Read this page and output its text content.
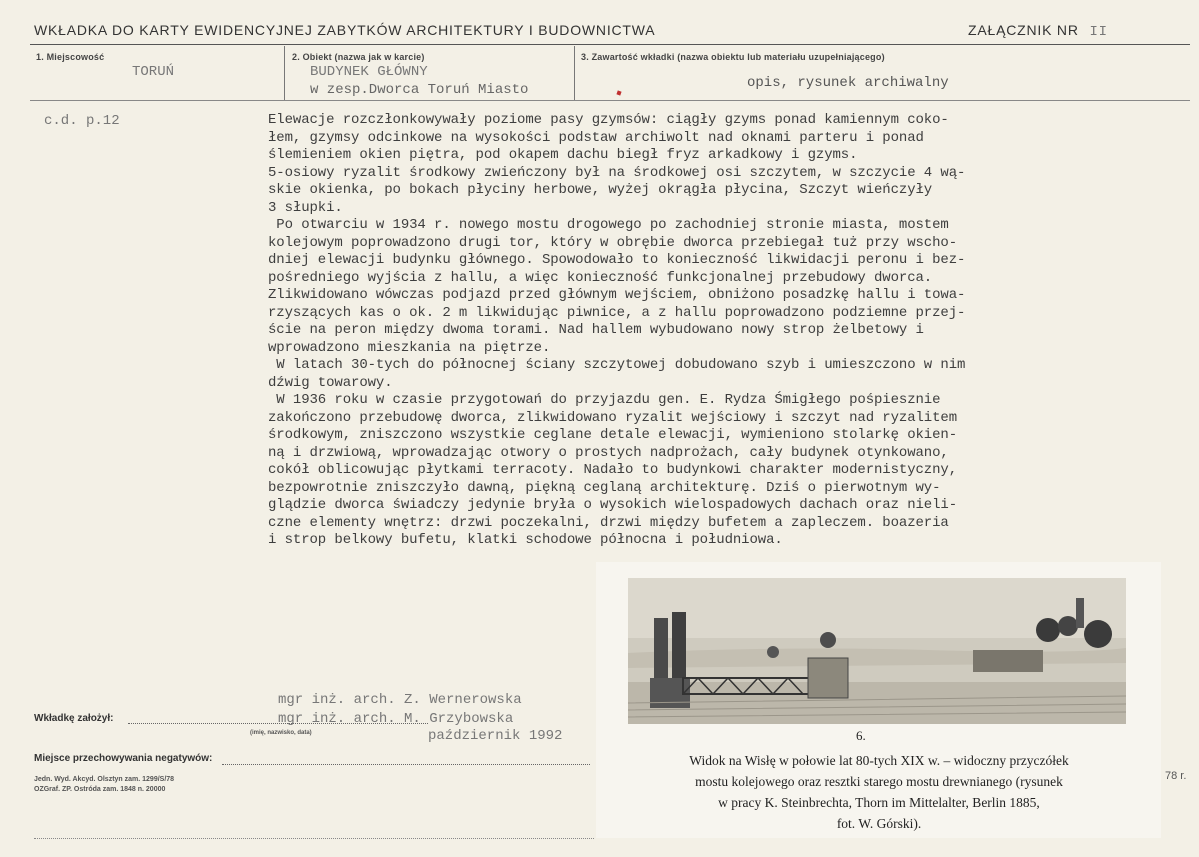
WKŁADKA DO KARTY EWIDENCYJNEJ ZABYTKÓW ARCHITEKTURY I BUDOWNICTWA	ZAŁĄCZNIK NR II
1. Miejscowość
TORUŃ
2. Obiekt (nazwa jak w karcie)
BUDYNEK GŁÓWNY
w zesp.Dworca Toruń Miasto
3. Zawartość wkładki (nazwa obiektu lub materiału uzupełniającego)
opis, rysunek archiwalny
c.d. p.12	Elewacje rozczłonkowywały poziome pasy gzymsów: ciągły gzyms ponad kamiennym coko-

łem, gzymsy odcinkowe na wysokości podstaw archiwolt nad oknami parteru i ponad

ślemieniem okien piętra, pod okapem dachu biegł fryz arkadkowy i gzyms.

5-osiowy ryzalit środkowy zwieńczony był na środkowej osi szczytem, w szczycie 4 wą-

skie okienka, po bokach płyciny herbowe, wyżej okrągła płycina, Szczyt wieńczyły

3 słupki.

Po otwarciu w 1934 r. nowego mostu drogowego po zachodniej stronie miasta, mostem

kolejowym poprowadzono drugi tor, który w obrębie dworca przebiegał tuż przy wscho-

dniej elewacji budynku głównego. Spowodowało to konieczność likwidacji peronu i bez-

pośredniego wyjścia z hallu, a więc konieczność funkcjonalnej przebudowy dworca.

Zlikwidowano wówczas podjazd przed głównym wejściem, obniżono posadzkę hallu i towa-

rzyszących kas o ok. 2 m likwidując piwnice, a z hallu poprowadzono podziemne przej-

ście na peron między dwoma torami. Nad hallem wybudowano nowy strop żelbetowy i

wprowadzono mieszkania na piętrze.

W latach 30-tych do północnej ściany szczytowej dobudowano szyb i umieszczono w nim

dźwig towarowy.

W 1936 roku w czasie przygotowań do przyjazdu gen. E. Rydza Śmigłego pośpiesznie

zakończono przebudowę dworca, zlikwidowano ryzalit wejściowy i szczyt nad ryzalitem

środkowym, zniszczono wszystkie ceglane detale elewacji, wymieniono stolarkę okien-

ną i drzwiową, wprowadzając otwory o prostych nadprożach, cały budynek otynkowano,

cokół oblicowując płytkami terracoty. Nadało to budynkowi charakter modernistyczny,

bezpowrotnie zniszczyło dawną, piękną ceglaną architekturę. Dziś o pierwotnym wy-

glądzie dworca świadczy jedynie bryła o wysokich wielospadowych dachach oraz nieli-

czne elementy wnętrz: drzwi poczekalni, drzwi między bufetem a zapleczem. boazeria

i strop belkowy bufetu, klatki schodowe północna i południowa.

mgr inż. arch. Z. Wernerowska
mgr inż. arch. M. Grzybowska
Wkładkę założył:
(imię, nazwisko, data)	październik 1992
Miejsce przechowywania negatywów:
Jedn. Wyd. Akcyd. Olsztyn zam. 1299/S/78
OZGraf. ZP. Ostróda zam. 1848 n. 20000
78 r.
6.
Widok na Wisłę w połowie lat 80-tych XIX w. – widoczny przyczółek
mostu kolejowego oraz resztki starego mostu drewnianego (rysunek
w pracy K. Steinbrechta, Thorn im Mittelalter, Berlin 1885,
fot. W. Górski).
